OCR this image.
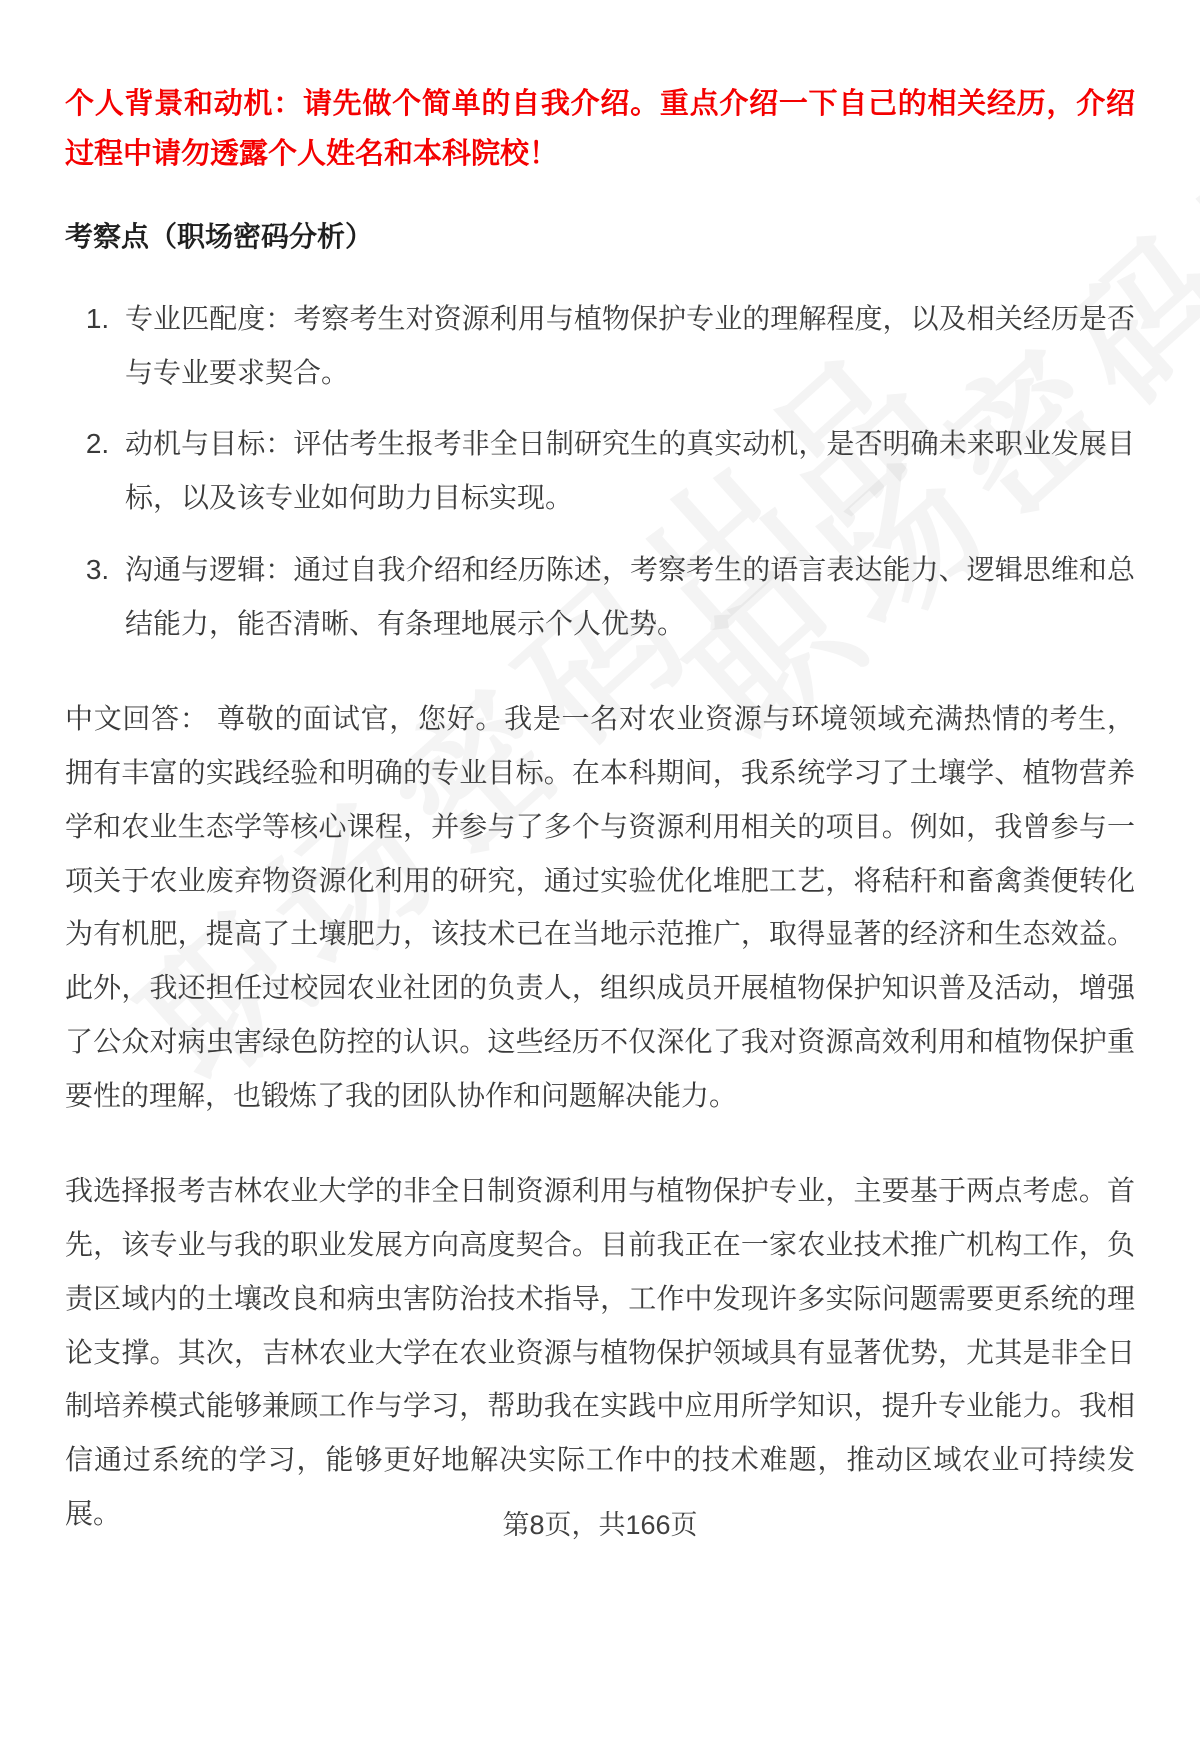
个人背景和动机：请先做个简单的自我介绍。重点介绍一下自己的相关经历，介绍过程中请勿透露个人姓名和本科院校！
考察点（职场密码分析）
1. 专业匹配度：考察考生对资源利用与植物保护专业的理解程度，以及相关经历是否与专业要求契合。
2. 动机与目标：评估考生报考非全日制研究生的真实动机，是否明确未来职业发展目标，以及该专业如何助力目标实现。
3. 沟通与逻辑：通过自我介绍和经历陈述，考察考生的语言表达能力、逻辑思维和总结能力，能否清晰、有条理地展示个人优势。

中文回答： 尊敬的面试官，您好。我是一名对农业资源与环境领域充满热情的考生，拥有丰富的实践经验和明确的专业目标。在本科期间，我系统学习了土壤学、植物营养学和农业生态学等核心课程，并参与了多个与资源利用相关的项目。例如，我曾参与一项关于农业废弃物资源化利用的研究，通过实验优化堆肥工艺，将秸秆和畜禽粪便转化为有机肥，提高了土壤肥力，该技术已在当地示范推广，取得显著的经济和生态效益。此外，我还担任过校园农业社团的负责人，组织成员开展植物保护知识普及活动，增强了公众对病虫害绿色防控的认识。这些经历不仅深化了我对资源高效利用和植物保护重要性的理解，也锻炼了我的团队协作和问题解决能力。

我选择报考吉林农业大学的非全日制资源利用与植物保护专业，主要基于两点考虑。首先，该专业与我的职业发展方向高度契合。目前我正在一家农业技术推广机构工作，负责区域内的土壤改良和病虫害防治技术指导，工作中发现许多实际问题需要更系统的理论支撑。其次，吉林农业大学在农业资源与植物保护领域具有显著优势，尤其是非全日制培养模式能够兼顾工作与学习，帮助我在实践中应用所学知识，提升专业能力。我相信通过系统的学习，能够更好地解决实际工作中的技术难题，推动区域农业可持续发展。	第8页，共166页
